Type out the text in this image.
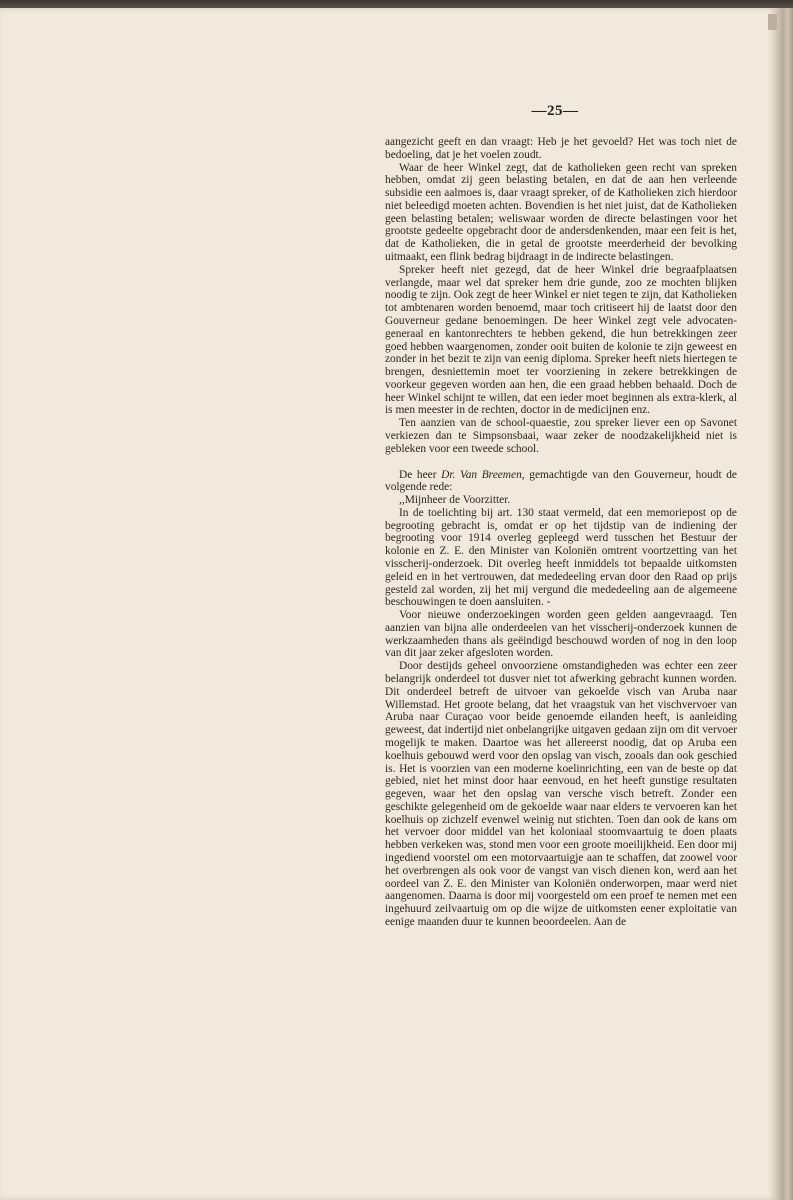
—25—

aangezicht geeft en dan vraagt: Heb je het gevoeld? Het was toch niet de bedoeling, dat je het voelen zoudt.

Waar de heer Winkel zegt, dat de katholieken geen recht van spreken hebben, omdat zij geen belasting betalen, en dat de aan hen verleende subsidie een aalmoes is, daar vraagt spreker, of de Katholieken zich hierdoor niet beleedigd moeten achten. Bovendien is het niet juist, dat de Katholieken geen belasting betalen; weliswaar worden de directe belastingen voor het grootste gedeelte opgebracht door de andersdenkenden, maar een feit is het, dat de Katholieken, die in getal de grootste meerderheid der bevolking uitmaakt, een flink bedrag bijdraagt in de indirecte belastingen.

Spreker heeft niet gezegd, dat de heer Winkel drie begraafplaatsen verlangde, maar wel dat spreker hem drie gunde, zoo ze mochten blijken noodig te zijn. Ook zegt de heer Winkel er niet tegen te zijn, dat Katholieken tot ambtenaren worden benoemd, maar toch critiseert hij de laatst door den Gouverneur gedane benoemingen. De heer Winkel zegt vele advocaten-generaal en kantonrechters te hebben gekend, die hun betrekkingen zeer goed hebben waargenomen, zonder ooit buiten de kolonie te zijn geweest en zonder in het bezit te zijn van eenig diploma. Spreker heeft niets hiertegen te brengen, desniettemin moet ter voorziening in zekere betrekkingen de voorkeur gegeven worden aan hen, die een graad hebben behaald. Doch de heer Winkel schijnt te willen, dat een ieder moet beginnen als extra-klerk, al is men meester in de rechten, doctor in de medicijnen enz.

Ten aanzien van de school-quaestie, zou spreker liever een op Savonet verkiezen dan te Simpsonsbaai, waar zeker de noodzakelijkheid niet is gebleken voor een tweede school.

De heer Dr. Van Breemen, gemachtigde van den Gouverneur, houdt de volgende rede:

,,Mijnheer de Voorzitter.

In de toelichting bij art. 130 staat vermeld, dat een memoriepost op de begrooting gebracht is, omdat er op het tijdstip van de indiening der begrooting voor 1914 overleg gepleegd werd tusschen het Bestuur der kolonie en Z. E. den Minister van Koloniën omtrent voortzetting van het visscherij-onderzoek. Dit overleg heeft inmiddels tot bepaalde uitkomsten geleid en in het vertrouwen, dat mededeeling ervan door den Raad op prijs gesteld zal worden, zij het mij vergund die mededeeling aan de algemeene beschouwingen te doen aansluiten. -

Voor nieuwe onderzoekingen worden geen gelden aangevraagd. Ten aanzien van bijna alle onderdeelen van het visscherij-onderzoek kunnen de werkzaamheden thans als geëindigd beschouwd worden of nog in den loop van dit jaar zeker afgesloten worden.

Door destijds geheel onvoorziene omstandigheden was echter een zeer belangrijk onderdeel tot dusver niet tot afwerking gebracht kunnen worden. Dit onderdeel betreft de uitvoer van gekoelde visch van Aruba naar Willemstad. Het groote belang, dat het vraagstuk van het vischvervoer van Aruba naar Curaçao voor beide genoemde eilanden heeft, is aanleiding geweest, dat indertijd niet onbelangrijke uitgaven gedaan zijn om dit vervoer mogelijk te maken. Daartoe was het allereerst noodig, dat op Aruba een koelhuis gebouwd werd voor den opslag van visch, zooals dan ook geschied is. Het is voorzien van een moderne koelinrichting, een van de beste op dat gebied, niet het minst door haar eenvoud, en het heeft gunstige resultaten gegeven, waar het den opslag van versche visch betreft. Zonder een geschikte gelegenheid om de gekoelde waar naar elders te vervoeren kan het koelhuis op zichzelf evenwel weinig nut stichten. Toen dan ook de kans om het vervoer door middel van het koloniaal stoomvaartuig te doen plaats hebben verkeken was, stond men voor een groote moeilijkheid. Een door mij ingediend voorstel om een motorvaartuigje aan te schaffen, dat zoowel voor het overbrengen als ook voor de vangst van visch dienen kon, werd aan het oordeel van Z. E. den Minister van Koloniën onderworpen, maar werd niet aangenomen. Daarna is door mij voorgesteld om een proef te nemen met een ingehuurd zeilvaartuig om op die wijze de uitkomsten eener exploitatie van eenige maanden duur te kunnen beoordeelen. Aan de
